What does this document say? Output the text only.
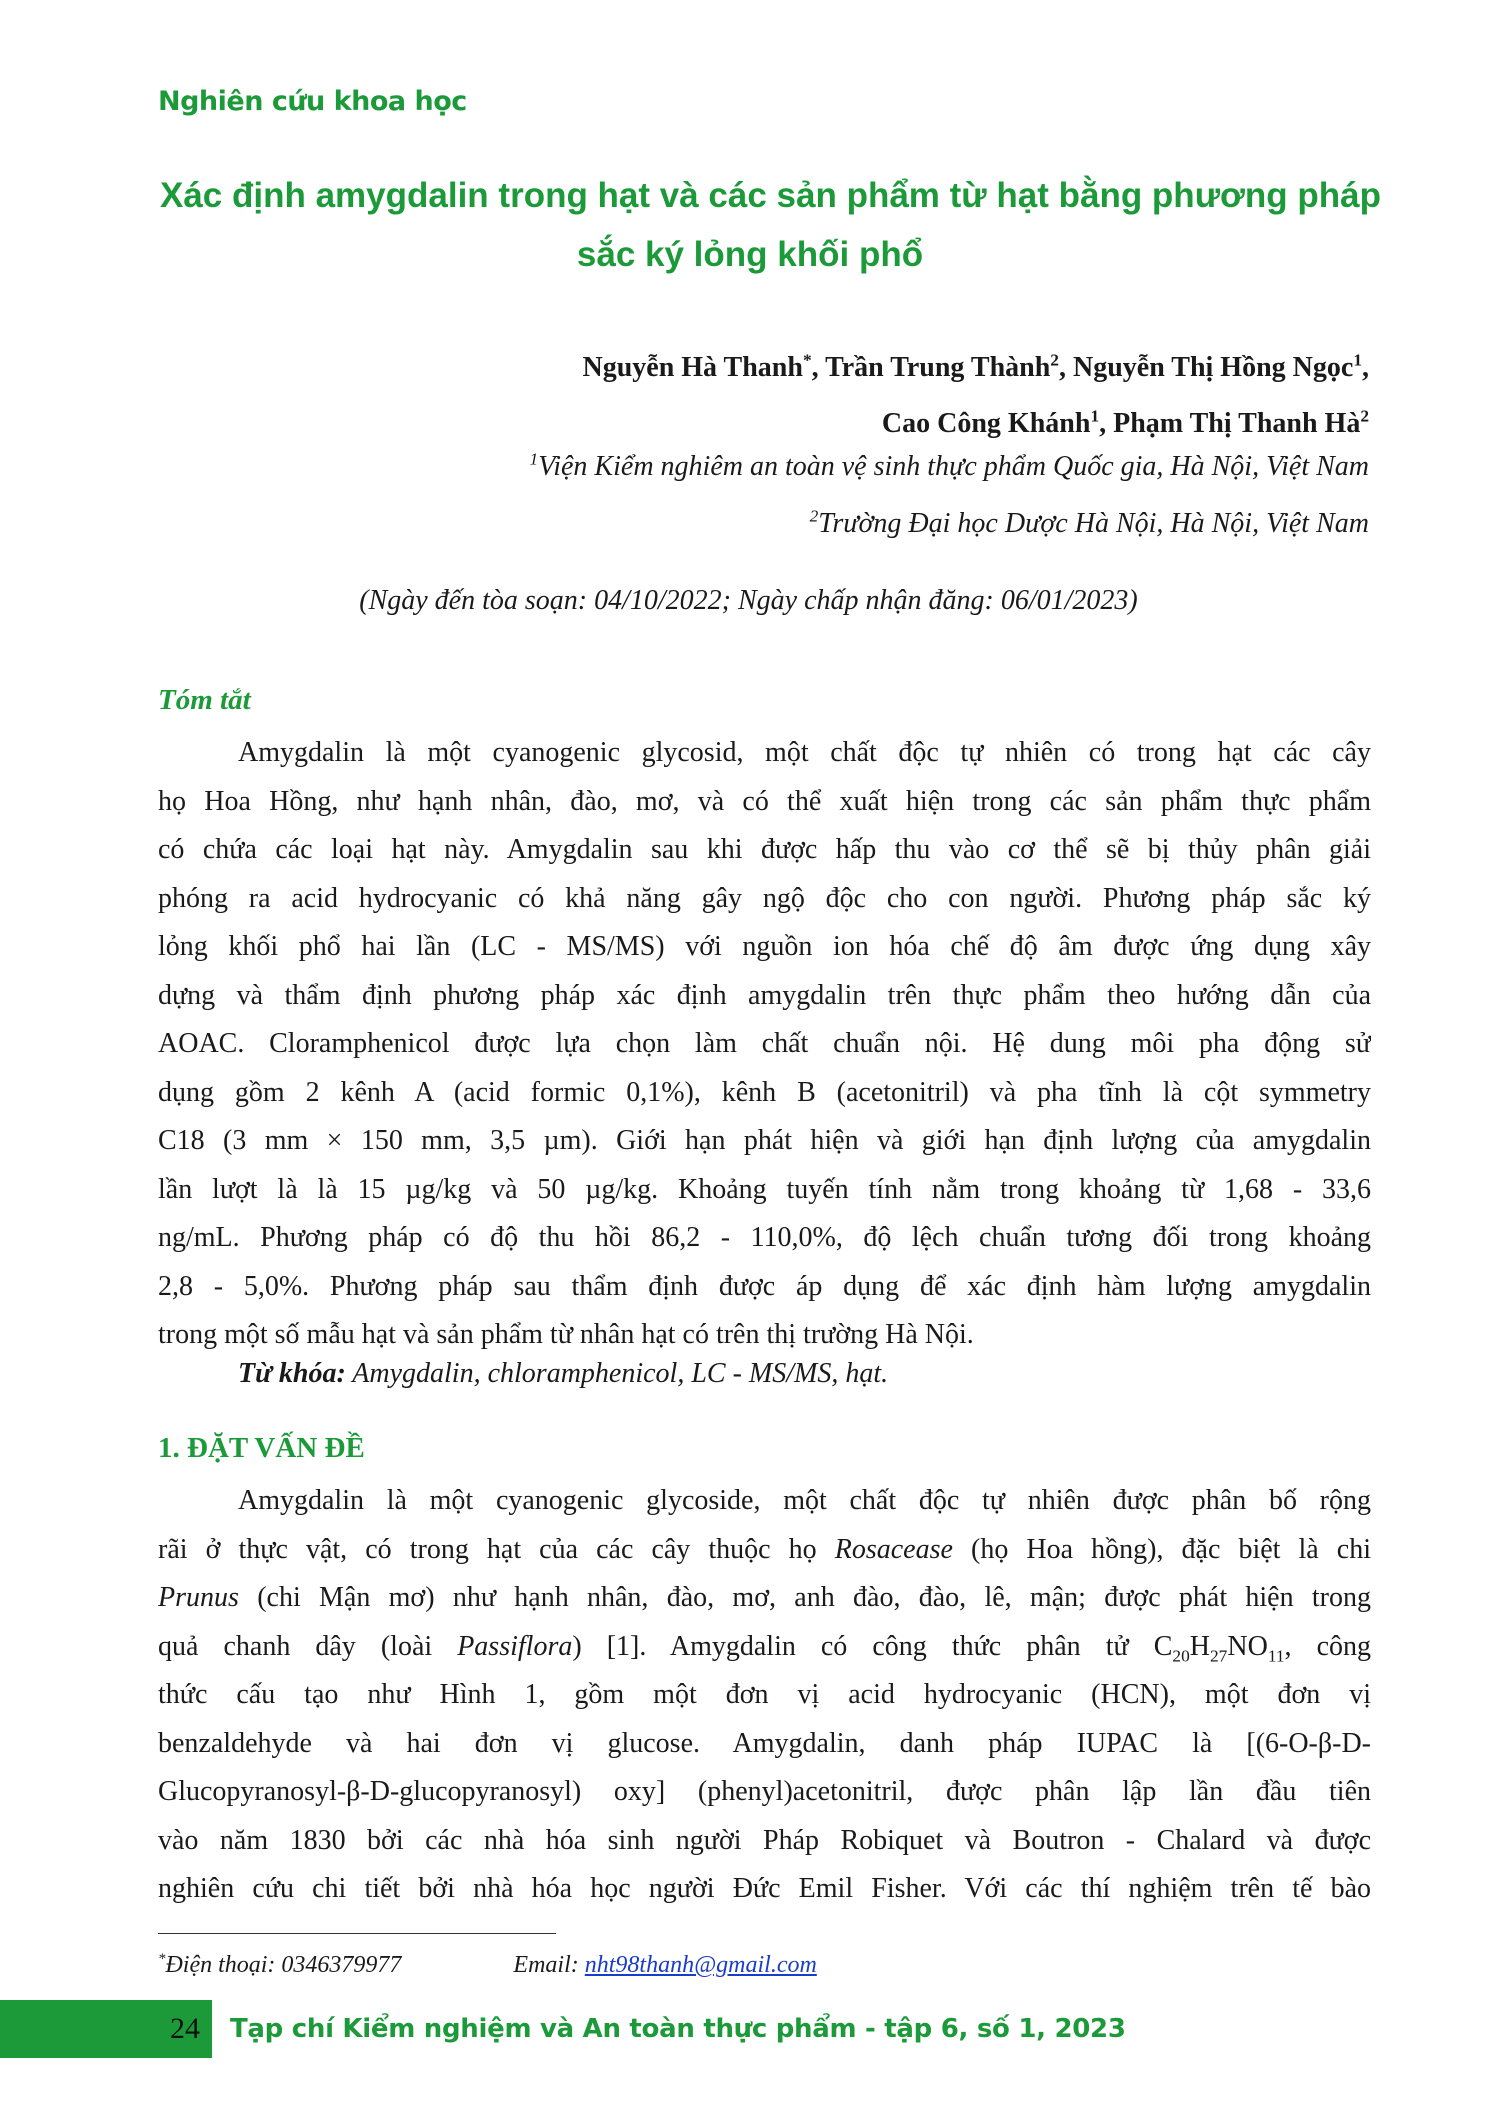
Nghiên cứu khoa học
Xác định amygdalin trong hạt và các sản phẩm từ hạt bằng phương pháp
sắc ký lỏng khối phổ
Nguyễn Hà Thanh*, Trần Trung Thành$^2$, Nguyễn Thị Hồng Ngọc$^1$,
Cao Công Khánh$^1$, Phạm Thị Thanh $Hà^2$
$^1$Viện Kiểm nghiêm an toàn vệ sinh thực phẩm Quốc gia, Hà Nội, Việt Nam
$^2$Trường Đại học Dược Hà Nội, Hà Nội, Việt Nam
(Ngày đến tòa soạn: 04/10/2022; Ngày chấp nhận đăng: 06/01/2023)
Tóm tắt
Amygdalin là một cyanogenic glycosid, một chất độc tự nhiên có trong hạt các cây
họ Hoa Hồng, như hạnh nhân, đào, mơ, và có thể xuất hiện trong các sản phẩm thực phẩm
có chứa các loại hạt này. Amygdalin sau khi được hấp thu vào cơ thể sẽ bị thủy phân giải
phóng ra acid hydrocyanic có khả năng gây ngộ độc cho con người. Phương pháp sắc ký
lỏng khối phổ hai lần (LC - MS/MS) với nguồn ion hóa chế độ âm được ứng dụng xây
dựng và thẩm định phương pháp xác định amygdalin trên thực phẩm theo hướng dẫn của
AOAC. Cloramphenicol được lựa chọn làm chất chuẩn nội. Hệ dung môi pha động sử
dụng gồm 2 kênh A (acid formic 0,1%), kênh B (acetonitril) và pha tĩnh là cột symmetry
C18 (3 mm × 150 mm, 3,5 µm). Giới hạn phát hiện và giới hạn định lượng của amygdalin
lần lượt là là 15 µg/kg và 50 µg/kg. Khoảng tuyến tính nằm trong khoảng từ 1,68 - 33,6
ng/mL. Phương pháp có độ thu hồi 86,2 - 110,0%, độ lệch chuẩn tương đối trong khoảng
2,8 - 5,0%. Phương pháp sau thẩm định được áp dụng để xác định hàm lượng amygdalin
trong một số mẫu hạt và sản phẩm từ nhân hạt có trên thị trường Hà Nội.
Từ khóa: Amygdalin, chloramphenicol, LC - MS/MS, hạt.
1. ĐẶT VẤN ĐỀ
Amygdalin là một cyanogenic glycoside, một chất độc tự nhiên được phân bố rộng
rãi ở thực vật, có trong hạt của các cây thuộc họ Rosacease (họ Hoa hồng), đặc biệt là chi
Prunus (chi Mận mơ) như hạnh nhân, đào, mơ, anh đào, đào, lê, mận; được phát hiện trong
quả chanh dây (loài Passiflora) [1]. Amygdalin có công thức phân tử $C_{20}H_{27}NO_{11}$, công
thức cấu tạo như Hình 1, gồm một đơn vị acid hydrocyanic (HCN), một đơn vị
benzaldehyde và hai đơn vị glucose. Amygdalin, danh pháp IUPAC là [(6-O-β-D-
Glucopyranosyl-β-D-glucopyranosyl) oxy] (phenyl)acetonitril, được phân lập lần đầu tiên
vào năm 1830 bởi các nhà hóa sinh người Pháp Robiquet và Boutron - Chalard và được
nghiên cứu chi tiết bởi nhà hóa học người Đức Emil Fisher. Với các thí nghiệm trên tế bào
*Điện thoại: 0346379977	Email: nht98thanh@gmail.com
24	Tạp chí Kiểm nghiệm và An toàn thực phẩm - tập 6, số 1, 2023
